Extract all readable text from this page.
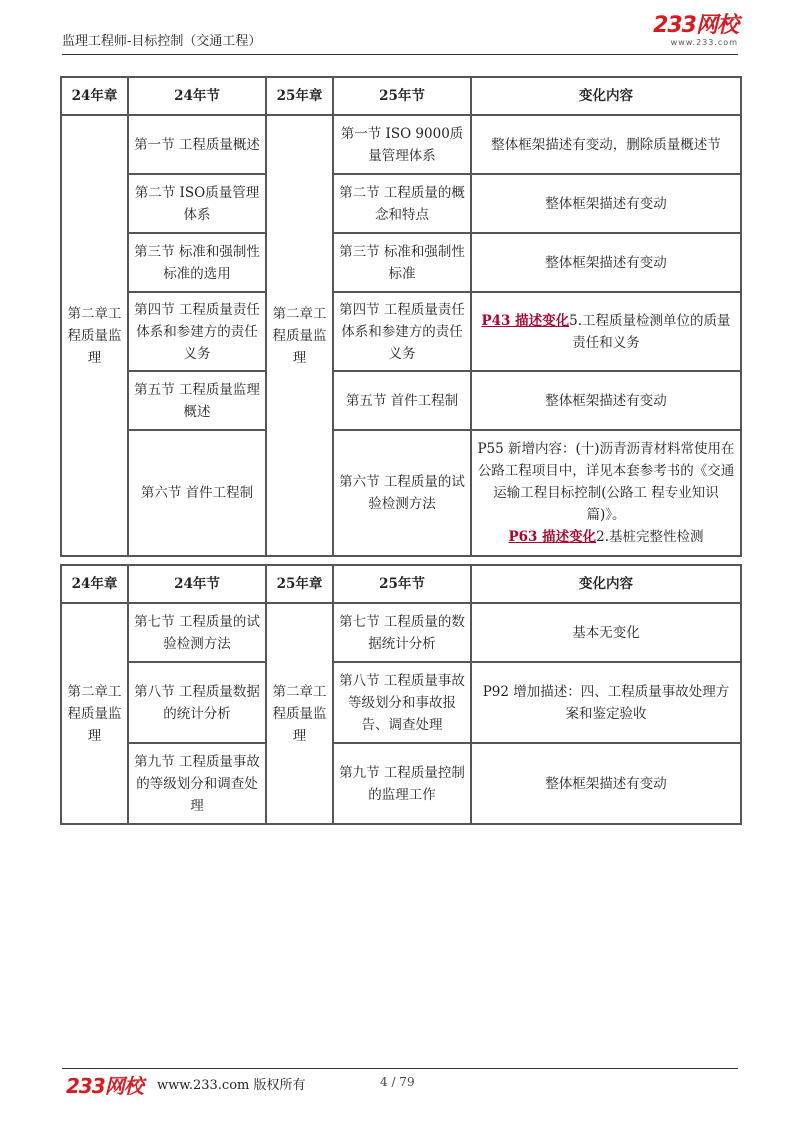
监理工程师-目标控制（交通工程）
233网校
www.233.com
24年章	24年节	25年章	25年节	变化内容
第二章工程质量监理	第一节 工程质量概述	第二章工程质量监理	第一节 ISO 9000质量管理体系	整体框架描述有变动，删除质量概述节
	第二节 ISO质量管理体系		第二节 工程质量的概念和特点	整体框架描述有变动
	第三节 标准和强制性标准的选用		第三节 标准和强制性标准	整体框架描述有变动
	第四节 工程质量责任体系和参建方的责任义务		第四节 工程质量责任体系和参建方的责任义务	P43 描述变化5.工程质量检测单位的质量责任和义务
	第五节 工程质量监理概述		第五节 首件工程制	整体框架描述有变动
	第六节 首件工程制		第六节 工程质量的试验检测方法	P55 新增内容：(十)沥青沥青材料常使用在公路工程项目中，详见本套参考书的《交通运输工程目标控制(公路工 程专业知识篇)》。
P63 描述变化2.基桩完整性检测
24年章	24年节	25年章	25年节	变化内容
第二章工程质量监理	第七节 工程质量的试验检测方法	第二章工程质量监理	第七节 工程质量的数据统计分析	基本无变化
	第八节 工程质量数据的统计分析		第八节 工程质量事故等级划分和事故报告、调查处理	P92 增加描述：四、工程质量事故处理方案和鉴定验收
	第九节 工程质量事故的等级划分和调查处理		第九节 工程质量控制的监理工作	整体框架描述有变动
233网校 www.233.com 版权所有	4 / 79
